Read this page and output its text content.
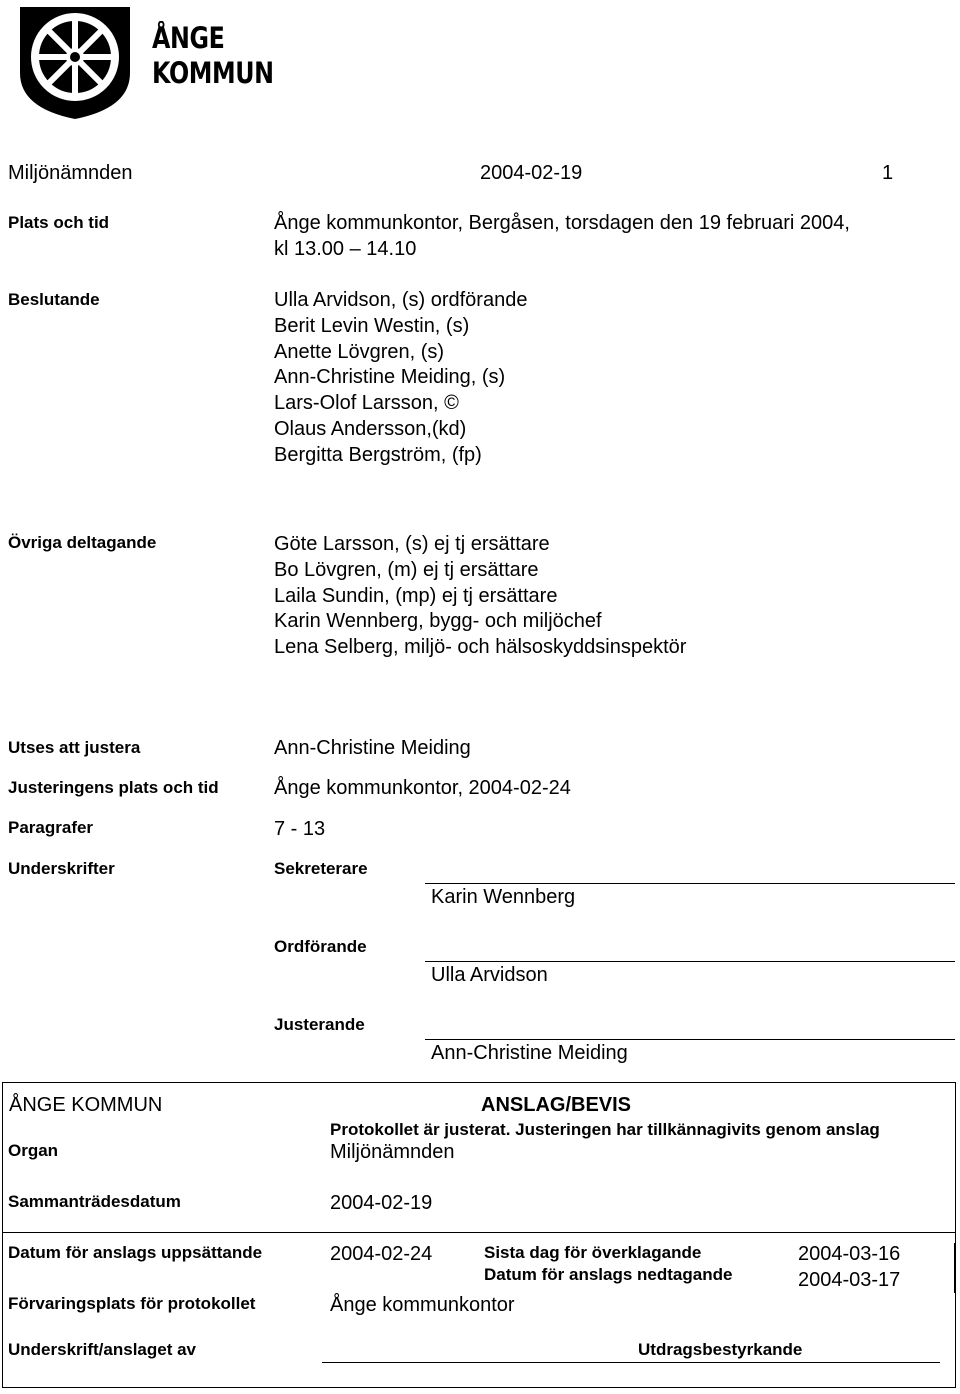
ÅNGE
KOMMUN
Miljönämnden	2004-02-19	1
Plats och tid	Ånge kommunkontor, Bergåsen, torsdagen den 19 februari 2004,
kl 13.00 – 14.10
Beslutande	Ulla Arvidson, (s) ordförande
Berit Levin Westin, (s)
Anette Lövgren, (s)
Ann-Christine Meiding, (s)
Lars-Olof Larsson, ©
Olaus Andersson,(kd)
Bergitta Bergström, (fp)
Övriga deltagande	Göte Larsson, (s) ej tj ersättare
Bo Lövgren, (m) ej tj ersättare
Laila Sundin, (mp) ej tj ersättare
Karin Wennberg, bygg- och miljöchef
Lena Selberg, miljö- och hälsoskyddsinspektör
Utses att justera	Ann-Christine Meiding
Justeringens plats och tid	Ånge kommunkontor, 2004-02-24
Paragrafer	7 - 13
Underskrifter	Sekreterare
Karin Wennberg
Ordförande
Ulla Arvidson
Justerande
Ann-Christine Meiding
ÅNGE KOMMUN	ANSLAG/BEVIS
Protokollet är justerat. Justeringen har tillkännagivits genom anslag
Organ	Miljönämnden
Sammanträdesdatum	2004-02-19
Datum för anslags uppsättande	2004-02-24	Sista dag för överklagande	2004-03-16
Datum för anslags nedtagande	2004-03-17
Förvaringsplats för protokollet	Ånge kommunkontor
Underskrift/anslaget av	Utdragsbestyrkande
